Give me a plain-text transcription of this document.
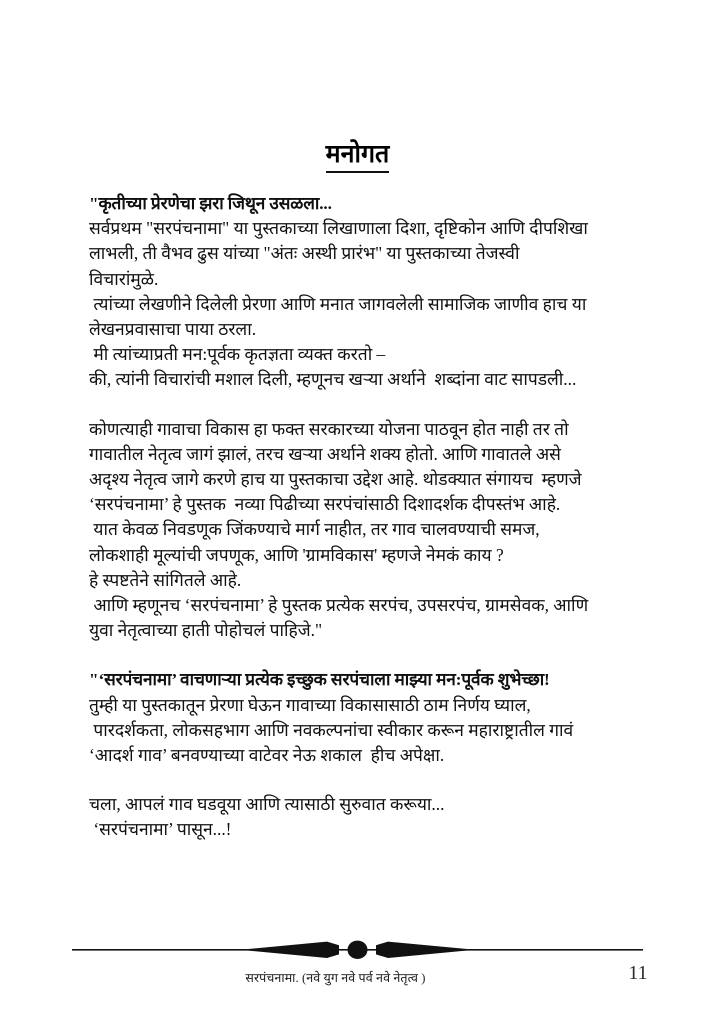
मनोगत
"कृतीच्या प्रेरणेचा झरा जिथून उसळला...
सर्वप्रथम "सरपंचनामा" या पुस्तकाच्या लिखाणाला दिशा, दृष्टिकोन आणि दीपशिखा
लाभली, ती वैभव ढुस यांच्या "अंतः अस्थी प्रारंभ" या पुस्तकाच्या तेजस्वी
विचारांमुळे.
त्यांच्या लेखणीने दिलेली प्रेरणा आणि मनात जागवलेली सामाजिक जाणीव हाच या
लेखनप्रवासाचा पाया ठरला.
मी त्यांच्याप्रती मन:पूर्वक कृतज्ञता व्यक्त करतो –
की, त्यांनी विचारांची मशाल दिली, म्हणूनच खऱ्या अर्थाने  शब्दांना वाट सापडली...
कोणत्याही गावाचा विकास हा फक्त सरकारच्या योजना पाठवून होत नाही तर तो
गावातील नेतृत्व जागं झालं, तरच खऱ्या अर्थाने शक्य होतो. आणि गावातले असे
अदृश्य नेतृत्व जागे करणे हाच या पुस्तकाचा उद्देश आहे. थोडक्यात संगायच  म्हणजे
‘सरपंचनामा’ हे पुस्तक  नव्या पिढीच्या सरपंचांसाठी दिशादर्शक दीपस्तंभ आहे.
यात केवळ निवडणूक जिंकण्याचे मार्ग नाहीत, तर गाव चालवण्याची समज,
लोकशाही मूल्यांची जपणूक, आणि 'ग्रामविकास' म्हणजे नेमकं काय ?
हे स्पष्टतेने सांगितले आहे.
आणि म्हणूनच ‘सरपंचनामा’ हे पुस्तक प्रत्येक सरपंच, उपसरपंच, ग्रामसेवक, आणि
युवा नेतृत्वाच्या हाती पोहोचलं पाहिजे."
"‘सरपंचनामा’ वाचणाऱ्या प्रत्येक इच्छुक सरपंचाला माझ्या मन:पूर्वक शुभेच्छा!
तुम्ही या पुस्तकातून प्रेरणा घेऊन गावाच्या विकासासाठी ठाम निर्णय घ्याल,
पारदर्शकता, लोकसहभाग आणि नवकल्पनांचा स्वीकार करून महाराष्ट्रातील गावं
‘आदर्श गाव’ बनवण्याच्या वाटेवर नेऊ शकाल  हीच अपेक्षा.
चला, आपलं गाव घडवूया आणि त्यासाठी सुरुवात करूया...
‘सरपंचनामा’ पासून...!
सरपंचनामा. (नवे युग नवे पर्व नवे नेतृत्व )	11
